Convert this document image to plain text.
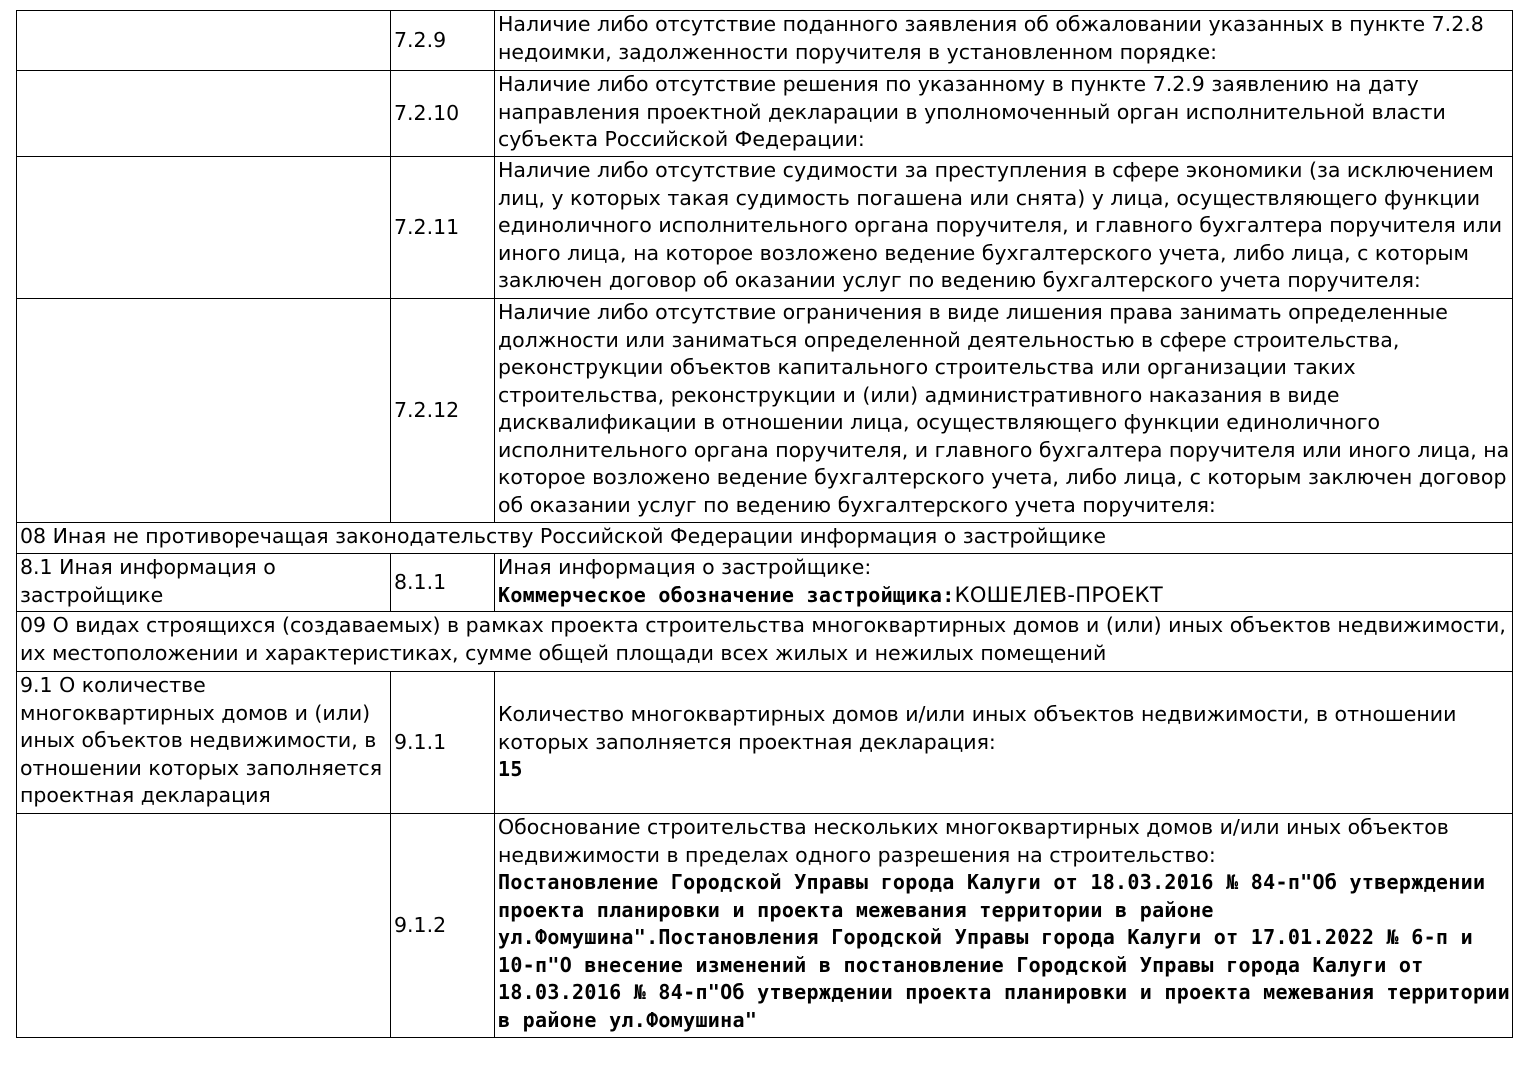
	7.2.9	Наличие либо отсутствие поданного заявления об обжаловании указанных в пункте 7.2.8 недоимки, задолженности поручителя в установленном порядке:
	7.2.10	Наличие либо отсутствие решения по указанному в пункте 7.2.9 заявлению на дату направления проектной декларации в уполномоченный орган исполнительной власти субъекта Российской Федерации:
	7.2.11	Наличие либо отсутствие судимости за преступления в сфере экономики (за исключением лиц, у которых такая судимость погашена или снята) у лица, осуществляющего функции единоличного исполнительного органа поручителя, и главного бухгалтера поручителя или иного лица, на которое возложено ведение бухгалтерского учета, либо лица, с которым заключен договор об оказании услуг по ведению бухгалтерского учета поручителя:
	7.2.12	Наличие либо отсутствие ограничения в виде лишения права занимать определенные должности или заниматься определенной деятельностью в сфере строительства, реконструкции объектов капитального строительства или организации таких строительства, реконструкции и (или) административного наказания в виде дисквалификации в отношении лица, осуществляющего функции единоличного исполнительного органа поручителя, и главного бухгалтера поручителя или иного лица, на которое возложено ведение бухгалтерского учета, либо лица, с которым заключен договор об оказании услуг по ведению бухгалтерского учета поручителя:
08 Иная не противоречащая законодательству Российской Федерации информация о застройщике		
8.1 Иная информация о застройщике	8.1.1	Иная информация о застройщике:
Коммерческое обозначение застройщика:КОШЕЛЕВ-ПРОЕКТ

09 О видах строящихся (создаваемых) в рамках проекта строительства многоквартирных домов и (или) иных объектов недвижимости, их местоположении и характеристиках, сумме общей площади всех жилых и нежилых помещений		
9.1 О количестве многоквартирных домов и (или) иных объектов недвижимости, в отношении которых заполняется проектная декларация	9.1.1	Количество многоквартирных домов и/или иных объектов недвижимости, в отношении которых заполняется проектная декларация:
15

	9.1.2	Обоснование строительства нескольких многоквартирных домов и/или иных объектов недвижимости в пределах одного разрешения на строительство:
Постановление Городской Управы города Калуги от 18.03.2016 № 84-п"Об утверждении проекта планировки и проекта межевания территории в районе ул.Фомушина".Постановления Городской Управы города Калуги от 17.01.2022 № 6-п и 10-п"О внесение изменений в постановление Городской Управы города Калуги от 18.03.2016 № 84-п"Об утверждении проекта планировки и проекта межевания территории в районе ул.Фомушина"
